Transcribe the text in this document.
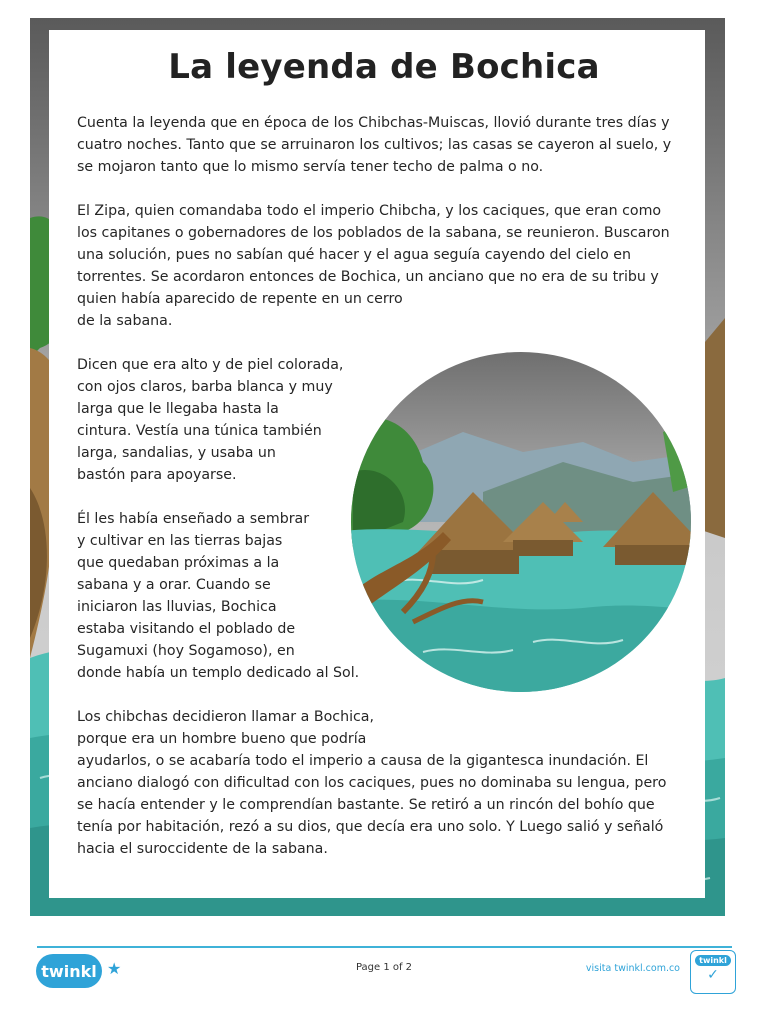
La leyenda de Bochica

Cuenta la leyenda que en época de los Chibchas-Muiscas, llovió durante tres días y
cuatro noches. Tanto que se arruinaron los cultivos; las casas se cayeron al suelo, y
se mojaron tanto que lo mismo servía tener techo de palma o no.

El Zipa, quien comandaba todo el imperio Chibcha, y los caciques, que eran como
los capitanes o gobernadores de los poblados de la sabana, se reunieron. Buscaron
una solución, pues no sabían qué hacer y el agua seguía cayendo del cielo en
torrentes. Se acordaron entonces de Bochica, un anciano que no era de su tribu y
quien había aparecido de repente en un cerro
de la sabana.

Dicen que era alto y de piel colorada,
con ojos claros, barba blanca y muy
larga que le llegaba hasta la
cintura. Vestía una túnica también
larga, sandalias, y usaba un
bastón para apoyarse.

Él les había enseñado a sembrar
y cultivar en las tierras bajas
que quedaban próximas a la
sabana y a orar. Cuando se
iniciaron las lluvias, Bochica
estaba visitando el poblado de
Sugamuxi (hoy Sogamoso), en
donde había un templo dedicado al Sol.

Los chibchas decidieron llamar a Bochica,
porque era un hombre bueno que podría
ayudarlos, o se acabaría todo el imperio a causa de la gigantesca inundación. El
anciano dialogó con dificultad con los caciques, pues no dominaba su lengua, pero
se hacía entender y le comprendían bastante. Se retiró a un rincón del bohío que
tenía por habitación, rezó a su dios, que decía era uno solo. Y Luego salió y señaló
hacia el suroccidente de la sabana.

twinkl ★	Page 1 of 2	visita twinkl.com.co
twinkl
✓
